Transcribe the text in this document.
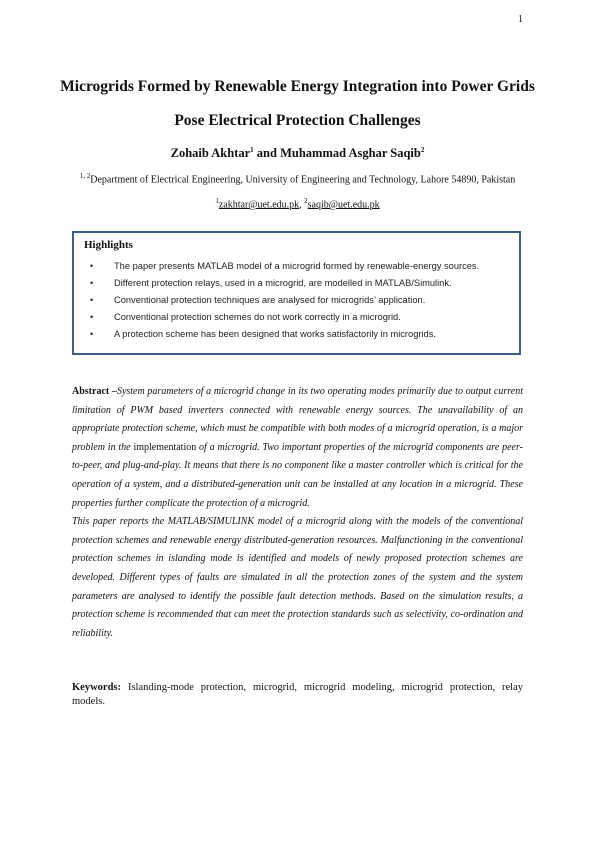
1
Microgrids Formed by Renewable Energy Integration into Power Grids Pose Electrical Protection Challenges
Zohaib Akhtar$^1$ and Muhammad Asghar Saqib$^2$
$^{1, 2}$Department of Electrical Engineering, University of Engineering and Technology, Lahore 54890, Pakistan
$^1$zakhtar@uet.edu.pk, $^2$saqib@uet.edu.pk
Highlights
•	The paper presents MATLAB model of a microgrid formed by renewable-energy sources.
•	Different protection relays, used in a microgrid, are modelled in MATLAB/Simulink.
•	Conventional protection techniques are analysed for microgrids’ application.
•	Conventional protection schemes do not work correctly in a microgrid.
•	A protection scheme has been designed that works satisfactorily in microgrids.

Abstract –System parameters of a microgrid change in its two operating modes primarily due to output current limitation of PWM based inverters connected with renewable energy sources. The unavailability of an appropriate protection scheme, which must be compatible with both modes of a microgrid operation, is a major problem in the implementation of a microgrid. Two important properties of the microgrid components are peer-to-peer, and plug-and-play. It means that there is no component like a master controller which is critical for the operation of a system, and a distributed-generation unit can be installed at any location in a microgrid. These properties further complicate the protection of a microgrid.
This paper reports the MATLAB/SIMULINK model of a microgrid along with the models of the conventional protection schemes and renewable energy distributed-generation resources. Malfunctioning in the conventional protection schemes in islanding mode is identified and models of newly proposed protection schemes are developed. Different types of faults are simulated in all the protection zones of the system and the system parameters are analysed to identify the possible fault detection methods. Based on the simulation results, a protection scheme is recommended that can meet the protection standards such as selectivity, co-ordination and reliability.

Keywords: Islanding-mode protection, microgrid, microgrid modeling, microgrid protection, relay models.
